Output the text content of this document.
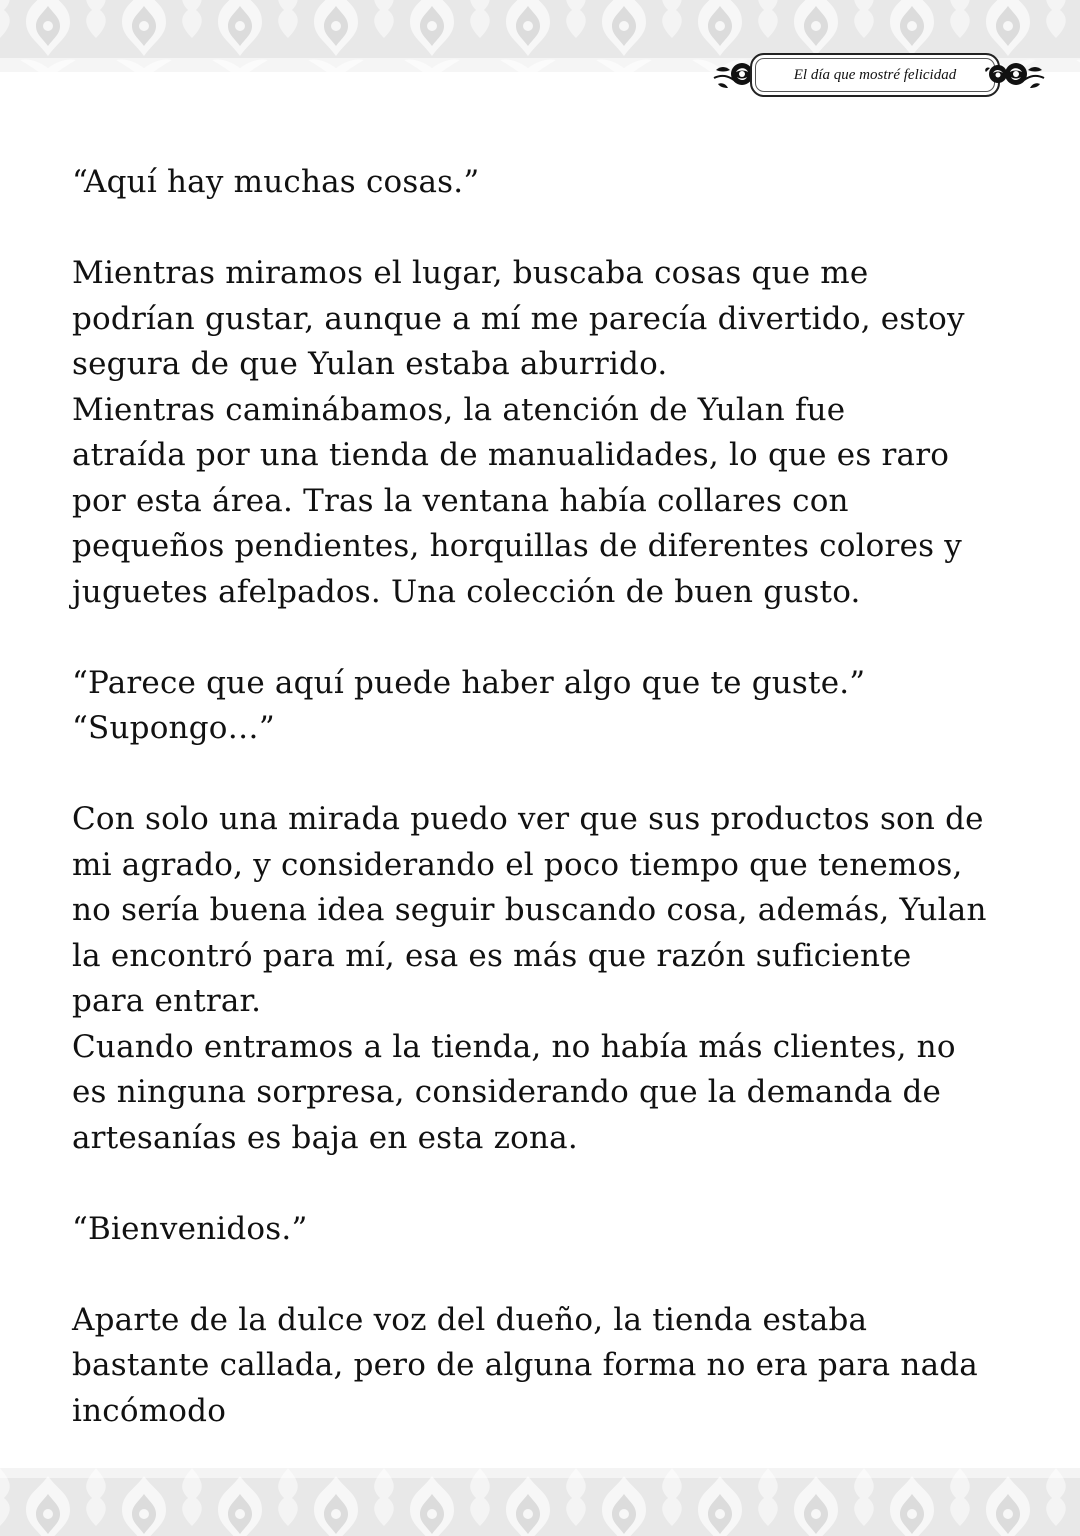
El día que mostré felicidad

“Aquí hay muchas cosas.”

Mientras miramos el lugar, buscaba cosas que me
podrían gustar, aunque a mí me parecía divertido, estoy
segura de que Yulan estaba aburrido.

Mientras caminábamos, la atención de Yulan fue
atraída por una tienda de manualidades, lo que es raro
por esta área. Tras la ventana había collares con
pequeños pendientes, horquillas de diferentes colores y
juguetes afelpados. Una colección de buen gusto.

“Parece que aquí puede haber algo que te guste.”

“Supongo…”

Con solo una mirada puedo ver que sus productos son de
mi agrado, y considerando el poco tiempo que tenemos,
no sería buena idea seguir buscando cosa, además, Yulan
la encontró para mí, esa es más que razón suficiente
para entrar.

Cuando entramos a la tienda, no había más clientes, no
es ninguna sorpresa, considerando que la demanda de
artesanías es baja en esta zona.

“Bienvenidos.”

Aparte de la dulce voz del dueño, la tienda estaba
bastante callada, pero de alguna forma no era para nada
incómodo
